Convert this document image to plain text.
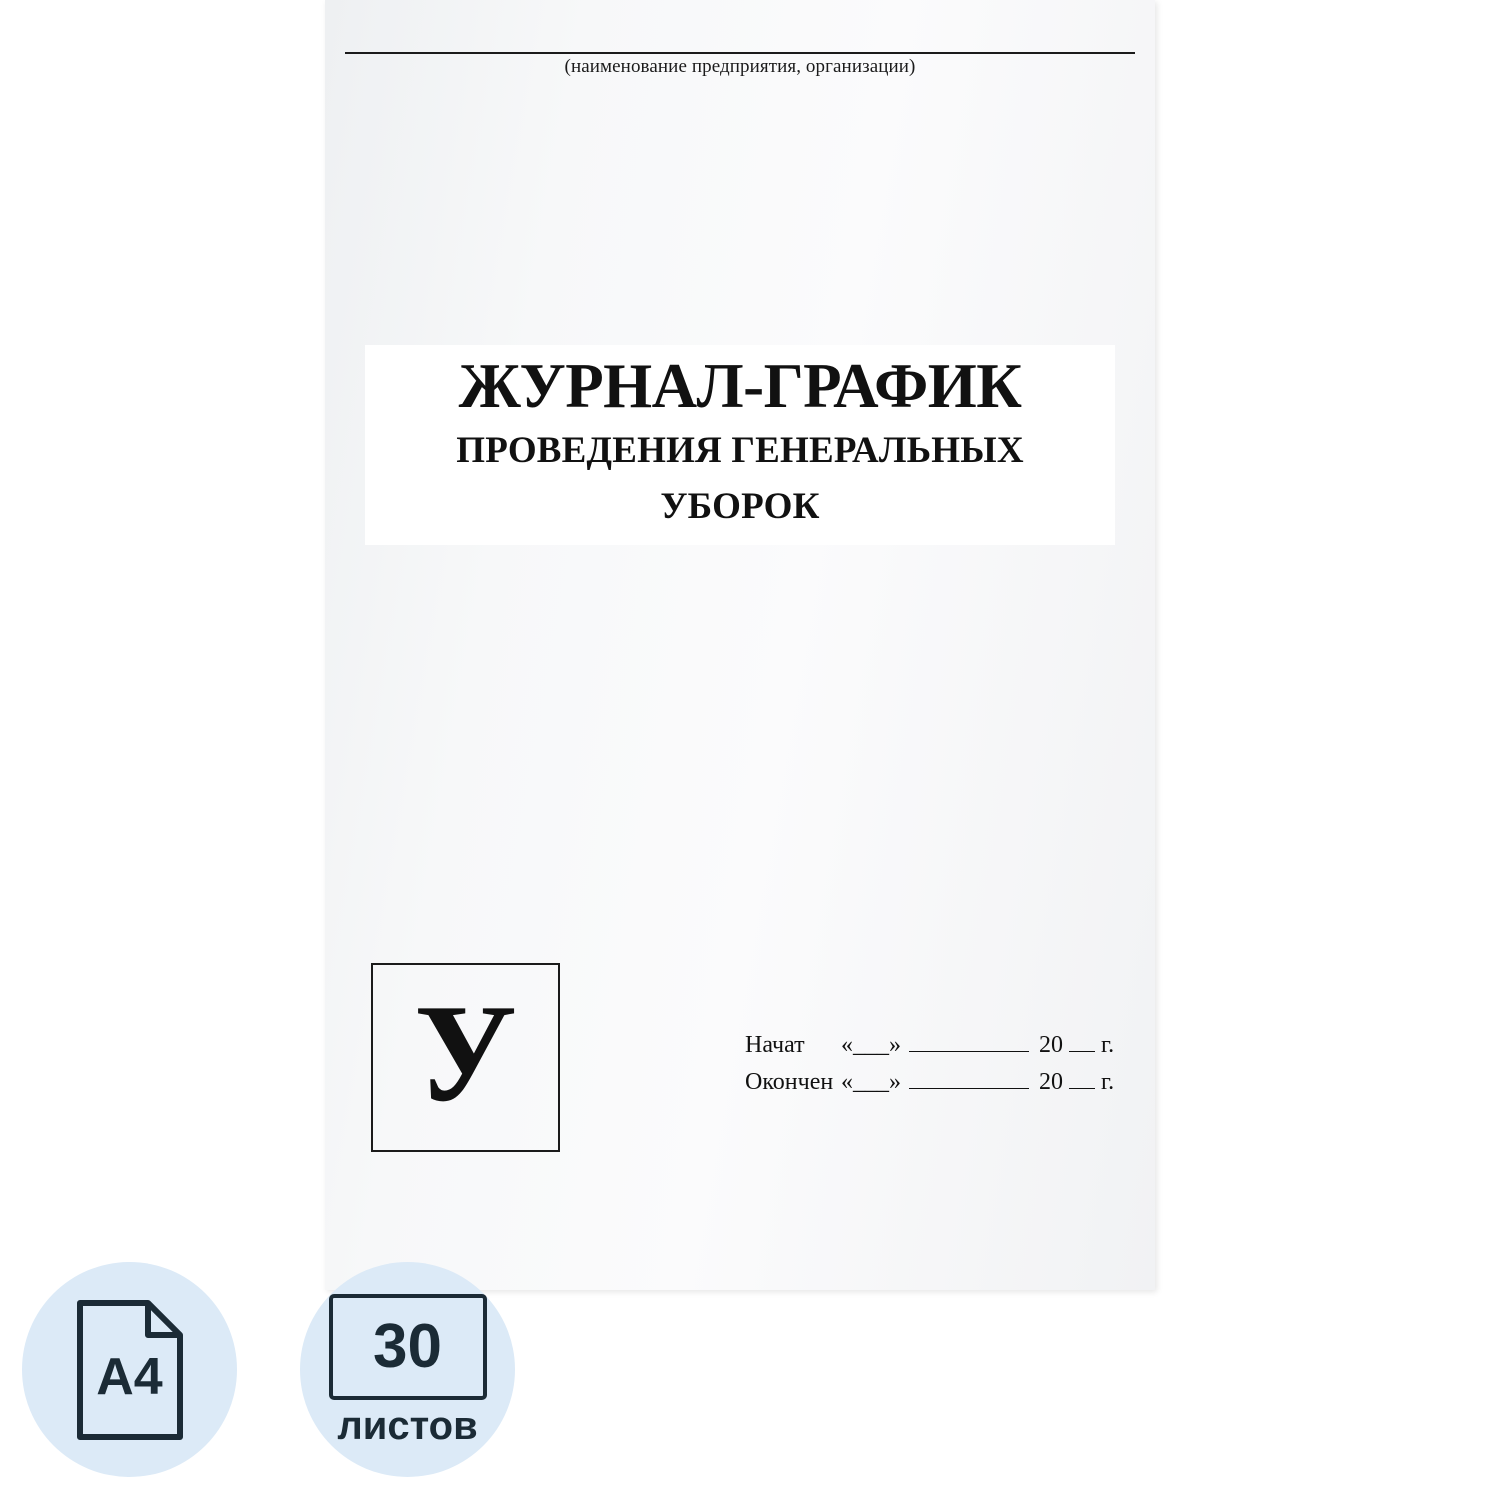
(наименование предприятия, организации)
ЖУРНАЛ-ГРАФИК
ПРОВЕДЕНИЯ ГЕНЕРАЛЬНЫХ
УБОРОК
У	Начат	«___»	20 г.
Окончен «___»	20 г.
А4	30
листов
